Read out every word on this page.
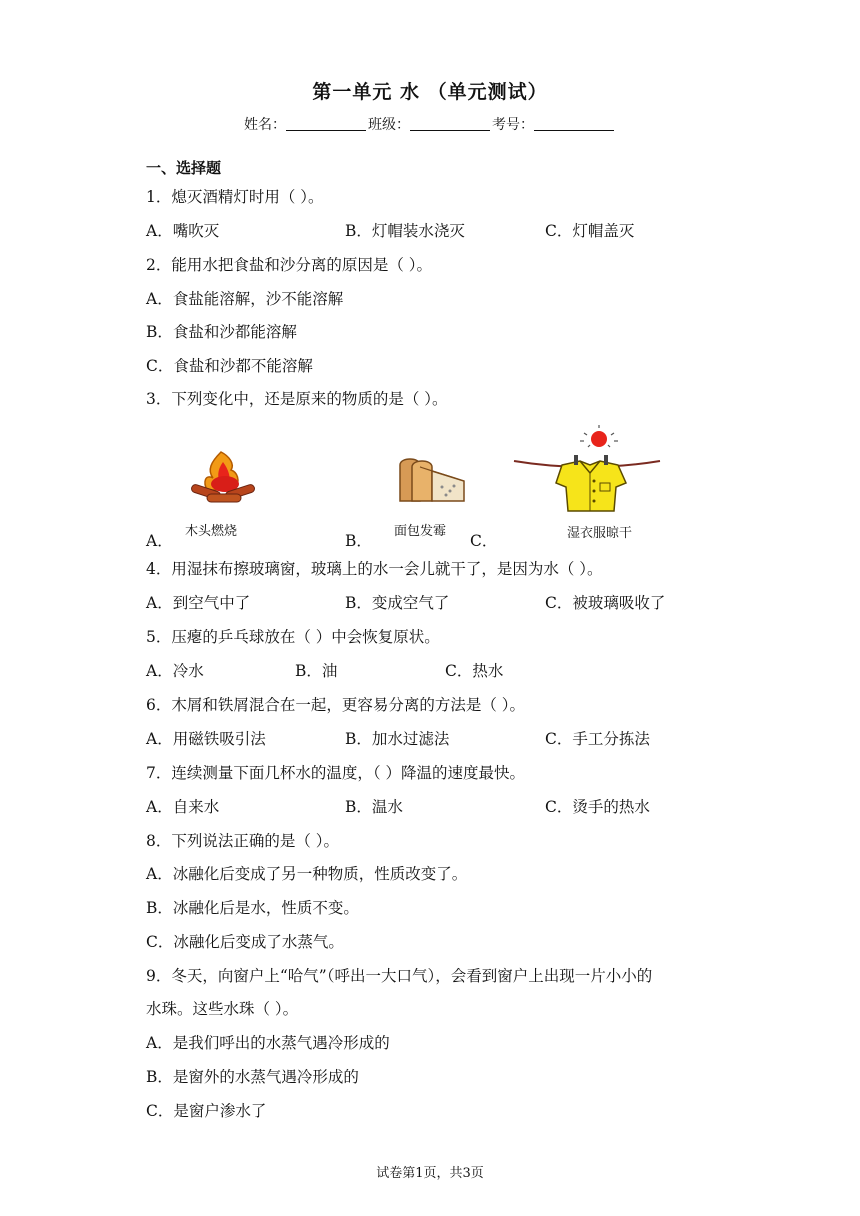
第一单元 水 （单元测试）
姓名：	班级：	考号：
一、选择题
1．熄灭酒精灯时用（ ）。
A．嘴吹灭	B．灯帽装水浇灭	C．灯帽盖灭
2．能用水把食盐和沙分离的原因是（ ）。
A．食盐能溶解，沙不能溶解
B．食盐和沙都能溶解
C．食盐和沙都不能溶解
3．下列变化中，还是原来的物质的是（ ）。
木头燃烧	面包发霉	湿衣服晾干
A．	B．	C．
4．用湿抹布擦玻璃窗，玻璃上的水一会儿就干了，是因为水（ ）。
A．到空气中了	B．变成空气了	C．被玻璃吸收了
5．压瘪的乒乓球放在（ ）中会恢复原状。
A．冷水	B．油	C．热水
6．木屑和铁屑混合在一起，更容易分离的方法是（ ）。
A．用磁铁吸引法	B．加水过滤法	C．手工分拣法
7．连续测量下面几杯水的温度，（ ）降温的速度最快。
A．自来水	B．温水	C．烫手的热水
8．下列说法正确的是（ ）。
A．冰融化后变成了另一种物质，性质改变了。
B．冰融化后是水，性质不变。
C．冰融化后变成了水蒸气。
9．冬天，向窗户上“哈气”（呼出一大口气），会看到窗户上出现一片小小的
水珠。这些水珠（ ）。
A．是我们呼出的水蒸气遇冷形成的
B．是窗外的水蒸气遇冷形成的
C．是窗户渗水了
试卷第1页，共3页
